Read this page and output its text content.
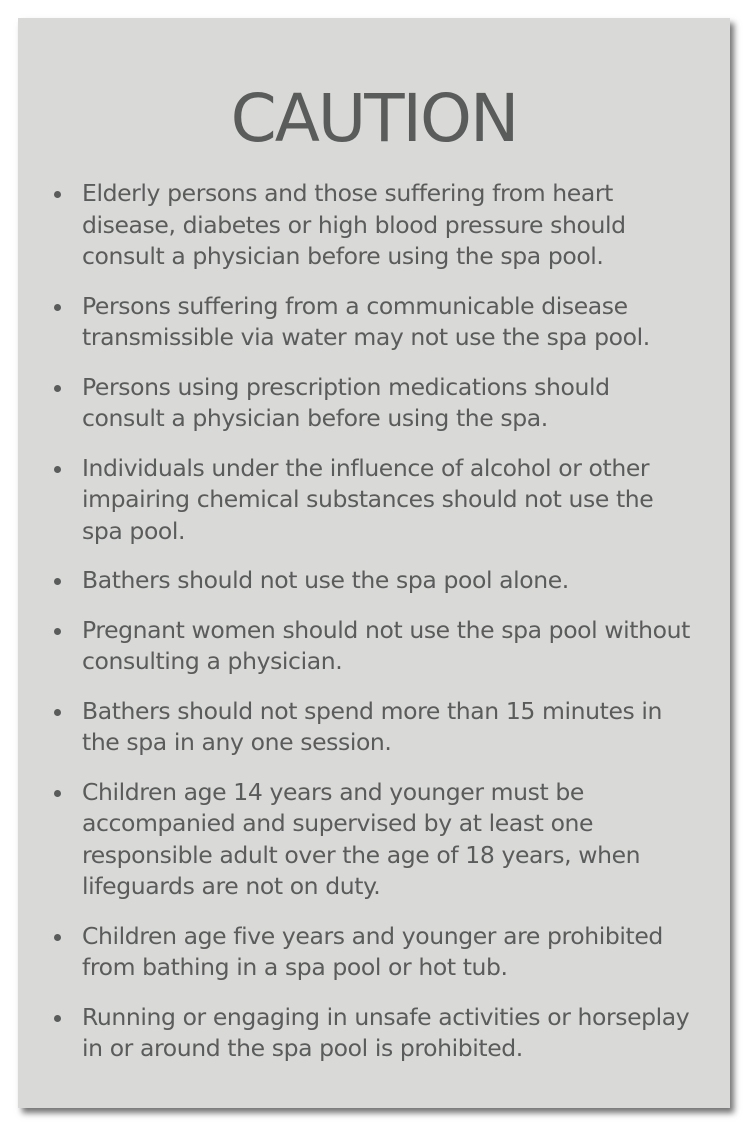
CAUTION
Elderly persons and those suffering from heart disease, diabetes or high blood pressure should consult a physician before using the spa pool.
Persons suffering from a communicable disease transmissible via water may not use the spa pool.
Persons using prescription medications should consult a physician before using the spa.
Individuals under the influence of alcohol or other impairing chemical substances should not use the spa pool.
Bathers should not use the spa pool alone.
Pregnant women should not use the spa pool without consulting a physician.
Bathers should not spend more than 15 minutes in the spa in any one session.
Children age 14 years and younger must be accompanied and supervised by at least one responsible adult over the age of 18 years, when lifeguards are not on duty.
Children age five years and younger are prohibited from bathing in a spa pool or hot tub.
Running or engaging in unsafe activities or horseplay in or around the spa pool is prohibited.
